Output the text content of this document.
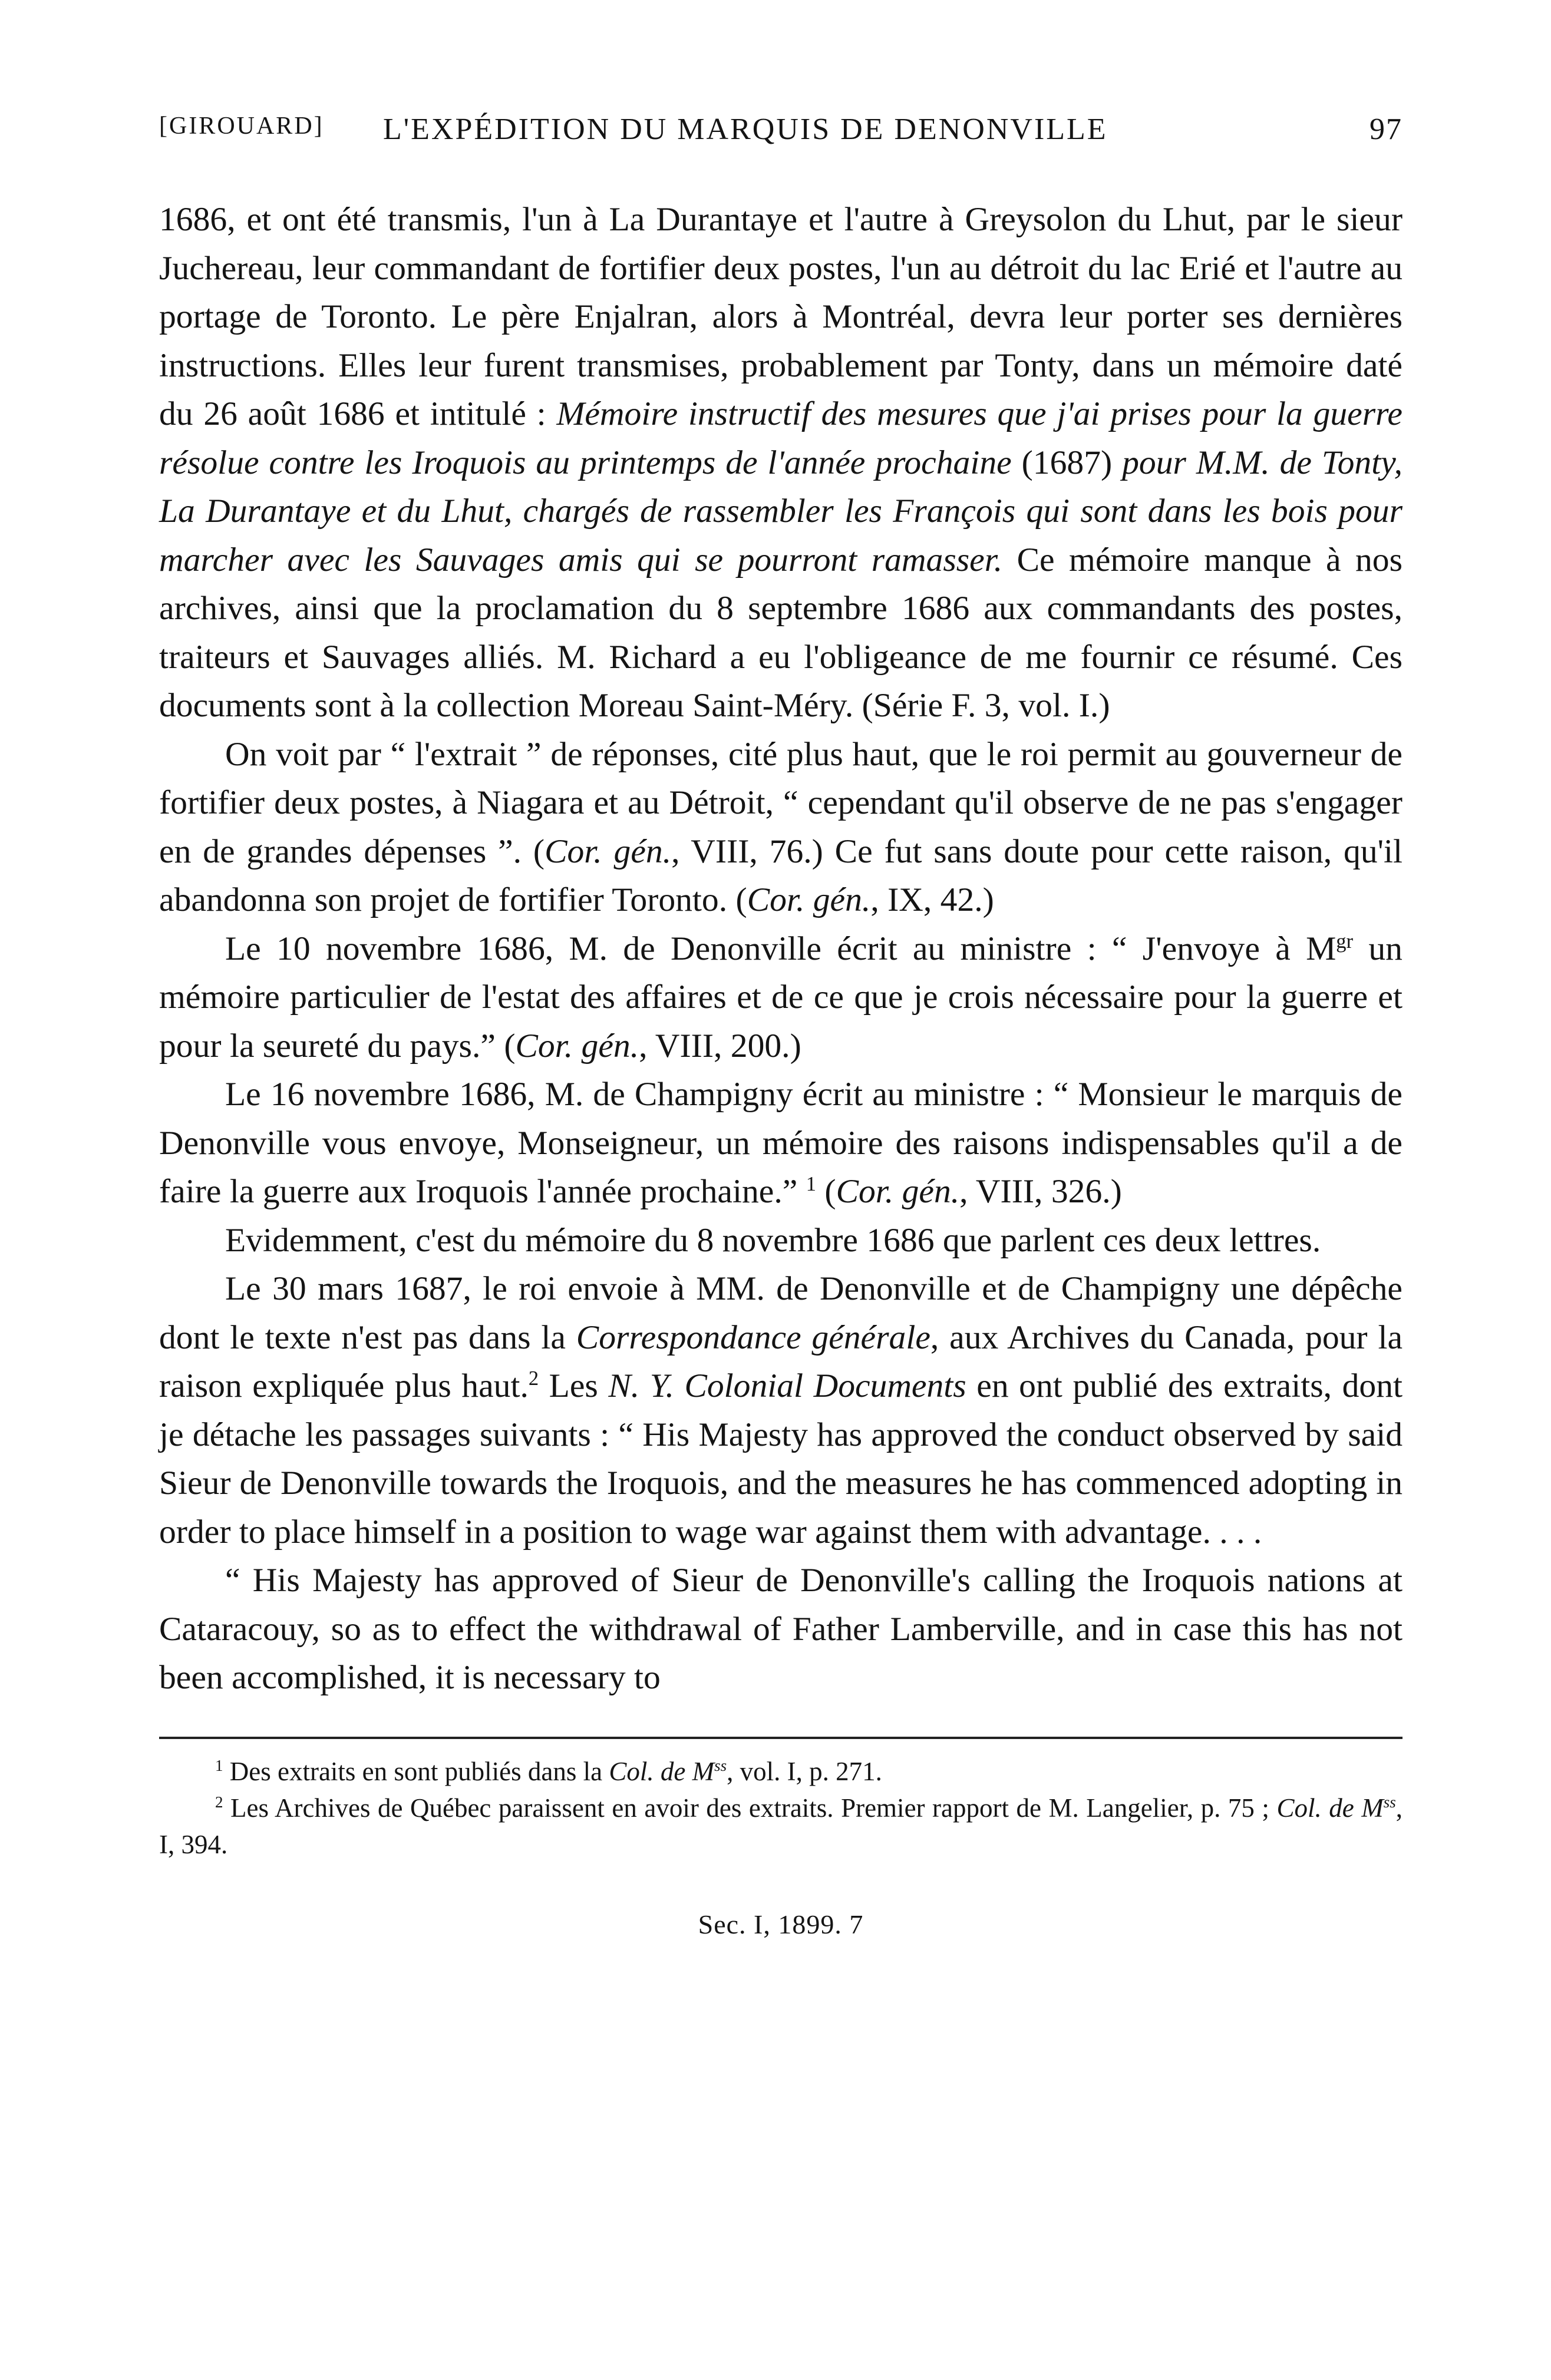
[GIROUARD] L'EXPÉDITION DU MARQUIS DE DENONVILLE	97

1686, et ont été transmis, l'un à La Durantaye et l'autre à Greysolon du Lhut, par le sieur Juchereau, leur commandant de fortifier deux postes, l'un au détroit du lac Erié et l'autre au portage de Toronto. Le père Enjalran, alors à Montréal, devra leur porter ses dernières instructions. Elles leur furent transmises, probablement par Tonty, dans un mémoire daté du 26 août 1686 et intitulé : Mémoire instructif des mesures que j'ai prises pour la guerre résolue contre les Iroquois au printemps de l'année prochaine (1687) pour M.M. de Tonty, La Durantaye et du Lhut, chargés de rassembler les François qui sont dans les bois pour marcher avec les Sauvages amis qui se pourront ramasser. Ce mémoire manque à nos archives, ainsi que la proclamation du 8 septembre 1686 aux commandants des postes, traiteurs et Sauvages alliés. M. Richard a eu l'obligeance de me fournir ce résumé. Ces documents sont à la collection Moreau Saint-Méry. (Série F. 3, vol. I.)

On voit par “ l'extrait ” de réponses, cité plus haut, que le roi permit au gouverneur de fortifier deux postes, à Niagara et au Détroit, “ cependant qu'il observe de ne pas s'engager en de grandes dépenses ”. (Cor. gén., VIII, 76.) Ce fut sans doute pour cette raison, qu'il abandonna son projet de fortifier Toronto. (Cor. gén., IX, 42.)

Le 10 novembre 1686, M. de Denonville écrit au ministre : “ J'envoye à $M^{gr}$ un mémoire particulier de l'estat des affaires et de ce que je crois nécessaire pour la guerre et pour la seureté du pays.” (Cor. gén., VIII, 200.)

Le 16 novembre 1686, M. de Champigny écrit au ministre : “ Monsieur le marquis de Denonville vous envoye, Monseigneur, un mémoire des raisons indispensables qu'il a de faire la guerre aux Iroquois l'année prochaine.” $^1$ (Cor. gén., VIII, 326.)

Evidemment, c'est du mémoire du 8 novembre 1686 que parlent ces deux lettres.

Le 30 mars 1687, le roi envoie à MM. de Denonville et de Champigny une dépêche dont le texte n'est pas dans la Correspondance générale, aux Archives du Canada, pour la raison expliquée plus haut.$^2$ Les N. Y. Colonial Documents en ont publié des extraits, dont je détache les passages suivants : “ His Majesty has approved the conduct observed by said Sieur de Denonville towards the Iroquois, and the measures he has commenced adopting in order to place himself in a position to wage war against them with advantage. . . .

“ His Majesty has approved of Sieur de Denonville's calling the Iroquois nations at Cataracouy, so as to effect the withdrawal of Father Lamberville, and in case this has not been accomplished, it is necessary to

$^1$ Des extraits en sont publiés dans la Col. de $M^{ss}$, vol. I, p. 271.

$^2$ Les Archives de Québec paraissent en avoir des extraits. Premier rapport de M. Langelier, p. 75 ; Col. de $M^{ss}$, I, 394.

Sec. I, 1899. 7
